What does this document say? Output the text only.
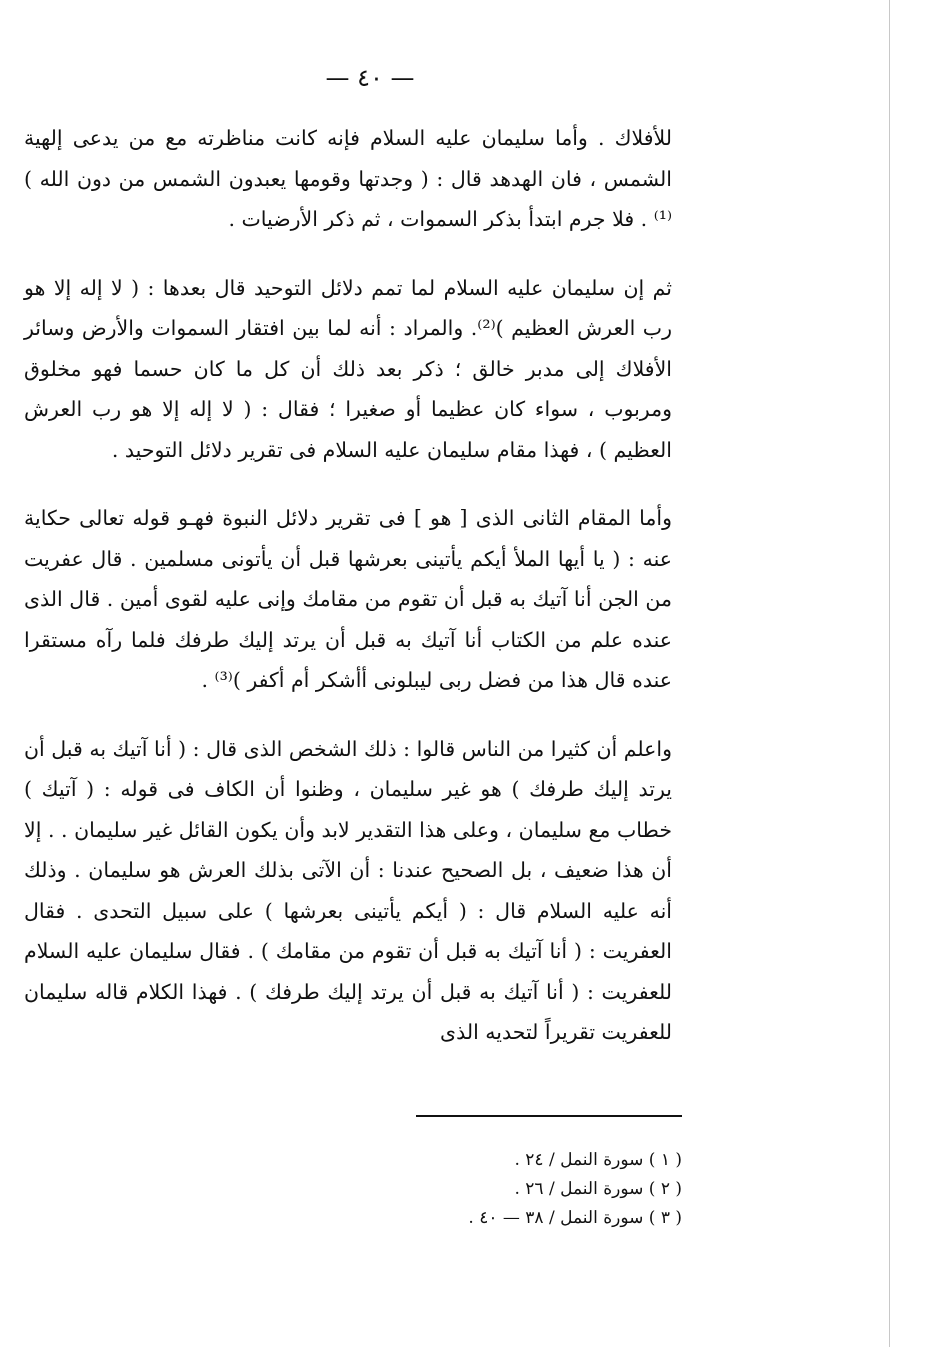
— ٤٠ —

للأفلاك . وأما سليمان عليه السلام فإنه كانت مناظرته مع من يدعى إلهية الشمس ، فان الهدهد قال : ( وجدتها وقومها يعبدون الشمس من دون الله )⁽¹⁾ . فلا جرم ابتدأ بذكر السموات ، ثم ذكر الأرضيات .

ثم إن سليمان عليه السلام لما تمم دلائل التوحيد قال بعدها : ( لا إله إلا هو رب العرش العظيم )⁽²⁾. والمراد : أنه لما بين افتقار السموات والأرض وسائر الأفلاك إلى مدبر خالق ؛ ذكر بعد ذلك أن كل ما كان حسما فهو مخلوق ومربوب ، سواء كان عظيما أو صغيرا ؛ فقال : ( لا إله إلا هو رب العرش العظيم ) ، فهذا مقام سليمان عليه السلام فى تقرير دلائل التوحيد .

وأما المقام الثانى الذى [ هو ] فى تقرير دلائل النبوة فهـو قوله تعالى حكاية عنه : ( يا أيها الملأ أيكم يأتينى بعرشها قبل أن يأتونى مسلمين . قال عفريت من الجن أنا آتيك به قبل أن تقوم من مقامك وإنى عليه لقوى أمين . قال الذى عنده علم من الكتاب أنا آتيك به قبل أن يرتد إليك طرفك فلما رآه مستقرا عنده قال هذا من فضل ربى ليبلونى أأشكر أم أكفر )⁽³⁾ .

واعلم أن كثيرا من الناس قالوا : ذلك الشخص الذى قال : ( أنا آتيك به قبل أن يرتد إليك طرفك ) هو غير سليمان ، وظنوا أن الكاف فى قوله : ( آتيك ) خطاب مع سليمان ، وعلى هذا التقدير لابد وأن يكون القائل غير سليمان . . إلا أن هذا ضعيف ، بل الصحيح عندنا : أن الآتى بذلك العرش هو سليمان . وذلك أنه عليه السلام قال : ( أيكم يأتينى بعرشها ) على سبيل التحدى . فقال العفريت : ( أنا آتيك به قبل أن تقوم من مقامك ) . فقال سليمان عليه السلام للعفريت : ( أنا آتيك به قبل أن يرتد إليك طرفك ) . فهذا الكلام قاله سليمان للعفريت تقريراً لتحديه الذى

( ١ ) سورة النمل / ٢٤ .

( ٢ ) سورة النمل / ٢٦ .

( ٣ ) سورة النمل / ٣٨ — ٤٠ .
